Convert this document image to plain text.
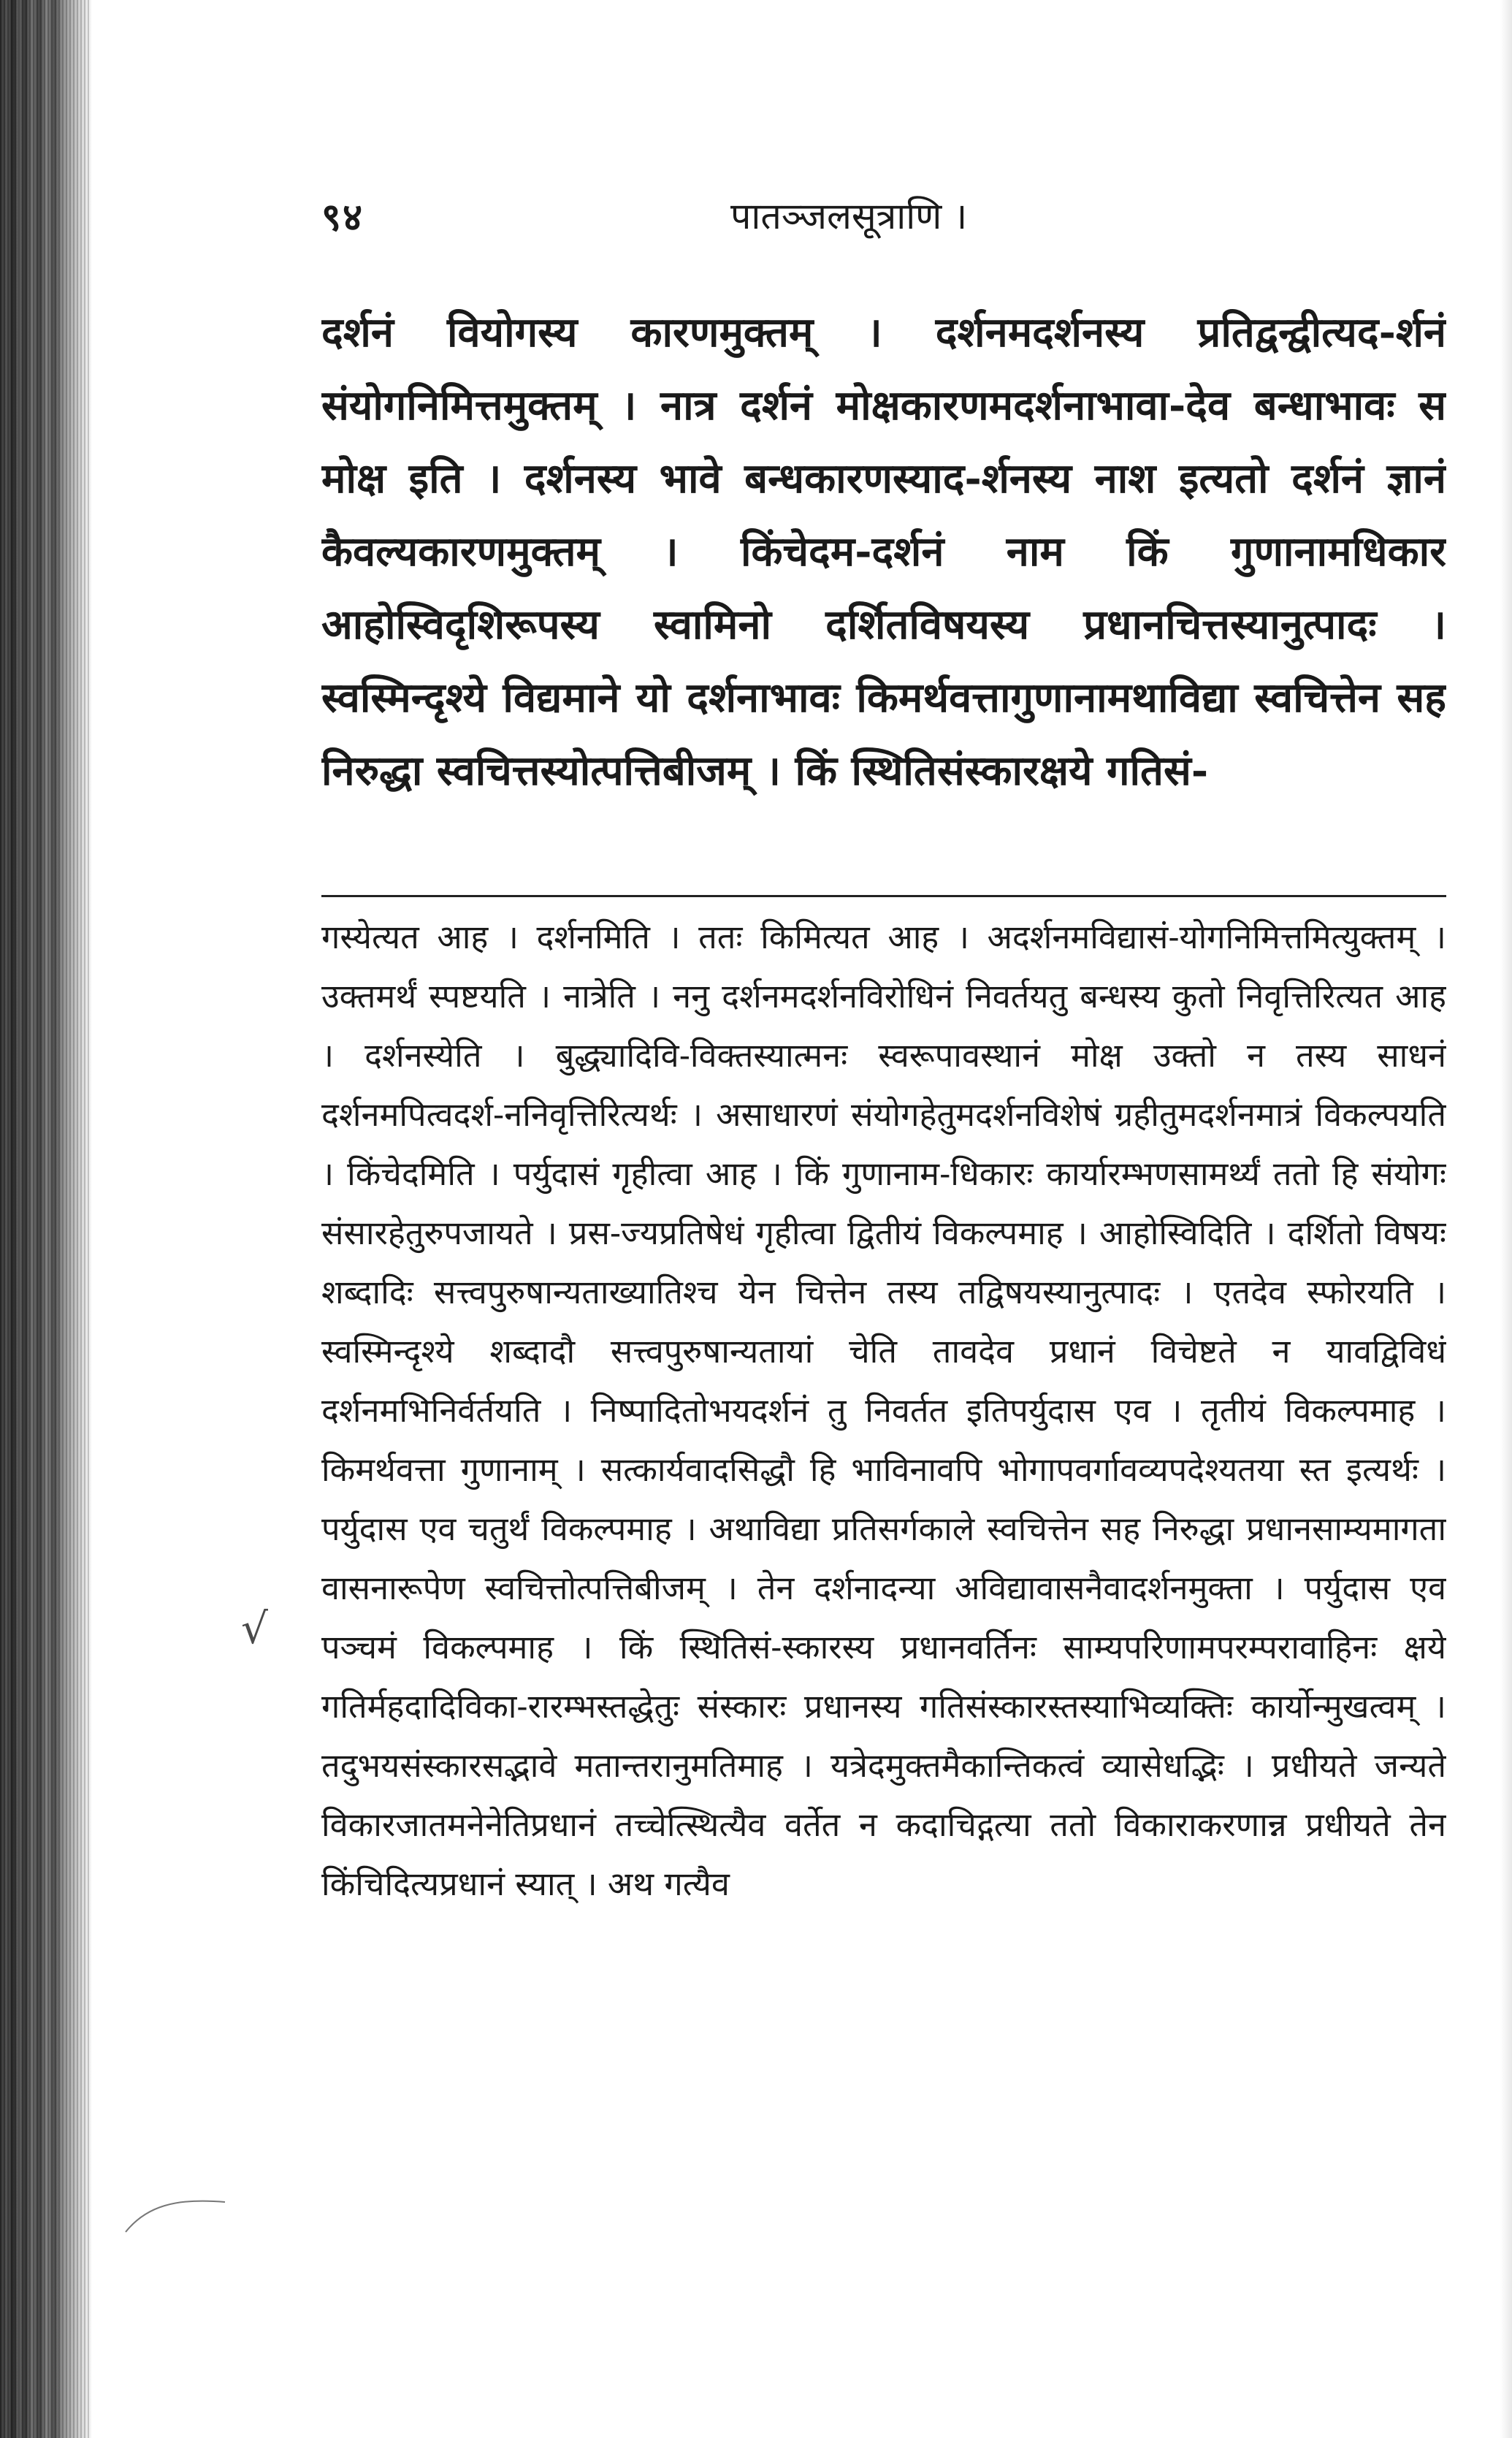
९४	पातञ्जलसूत्राणि ।
दर्शनं वियोगस्य कारणमुक्तम् । दर्शनमदर्शनस्य प्रतिद्वन्द्वीत्यद-र्शनं संयोगनिमित्तमुक्तम् । नात्र दर्शनं मोक्षकारणमदर्शनाभावा-देव बन्धाभावः स मोक्ष इति । दर्शनस्य भावे बन्धकारणस्याद-र्शनस्य नाश इत्यतो दर्शनं ज्ञानं कैवल्यकारणमुक्तम् । किंचेदम-दर्शनं नाम किं गुणानामधिकार आहोस्विदृशिरूपस्य स्वामिनो दर्शितविषयस्य प्रधानचित्तस्यानुत्पादः । स्वस्मिन्दृश्ये विद्यमाने यो दर्शनाभावः किमर्थवत्तागुणानामथाविद्या स्वचित्तेन सह निरुद्धा स्वचित्तस्योत्पत्तिबीजम् । किं स्थितिसंस्कारक्षये गतिसं-
गस्येत्यत आह । दर्शनमिति । ततः किमित्यत आह । अदर्शनमविद्यासं-योगनिमित्तमित्युक्तम् । उक्तमर्थं स्पष्टयति । नात्रेति । ननु दर्शनमदर्शनविरोधिनं निवर्तयतु बन्धस्य कुतो निवृत्तिरित्यत आह । दर्शनस्येति । बुद्ध्यादिवि-विक्तस्यात्मनः स्वरूपावस्थानं मोक्ष उक्तो न तस्य साधनं दर्शनमपित्वदर्श-ननिवृत्तिरित्यर्थः । असाधारणं संयोगहेतुमदर्शनविशेषं ग्रहीतुमदर्शनमात्रं विकल्पयति । किंचेदमिति । पर्युदासं गृहीत्वा आह । किं गुणानाम-धिकारः कार्यारम्भणसामर्थ्यं ततो हि संयोगः संसारहेतुरुपजायते । प्रस-ज्यप्रतिषेधं गृहीत्वा द्वितीयं विकल्पमाह । आहोस्विदिति । दर्शितो विषयः शब्दादिः सत्त्वपुरुषान्यताख्यातिश्च येन चित्तेन तस्य तद्विषयस्यानुत्पादः । एतदेव स्फोरयति । स्वस्मिन्दृश्ये शब्दादौ सत्त्वपुरुषान्यतायां चेति तावदेव प्रधानं विचेष्टते न यावद्विविधं दर्शनमभिनिर्वर्तयति । निष्पादितोभयदर्शनं तु निवर्तत इतिपर्युदास एव । तृतीयं विकल्पमाह । किमर्थवत्ता गुणानाम् । सत्कार्यवादसिद्धौ हि भाविनावपि भोगापवर्गावव्यपदेश्यतया स्त इत्यर्थः । पर्युदास एव चतुर्थं विकल्पमाह । अथाविद्या प्रतिसर्गकाले स्वचित्तेन सह निरुद्धा प्रधानसाम्यमागता वासनारूपेण स्वचित्तोत्पत्तिबीजम् । तेन दर्शनादन्या अविद्यावासनैवादर्शनमुक्ता । पर्युदास एव पञ्चमं विकल्पमाह । किं स्थितिसं-स्कारस्य प्रधानवर्तिनः साम्यपरिणामपरम्परावाहिनः क्षये गतिर्महदादिविका-रारम्भस्तद्धेतुः संस्कारः प्रधानस्य गतिसंस्कारस्तस्याभिव्यक्तिः कार्योन्मुखत्वम् । तदुभयसंस्कारसद्भावे मतान्तरानुमतिमाह । यत्रेदमुक्तमैकान्तिकत्वं व्यासेधद्भिः । प्रधीयते जन्यते विकारजातमनेनेतिप्रधानं तच्चेत्स्थित्यैव वर्तेत न कदाचिद्गत्या ततो विकाराकरणान्न प्रधीयते तेन किंचिदित्यप्रधानं स्यात् । अथ गत्यैव
√
